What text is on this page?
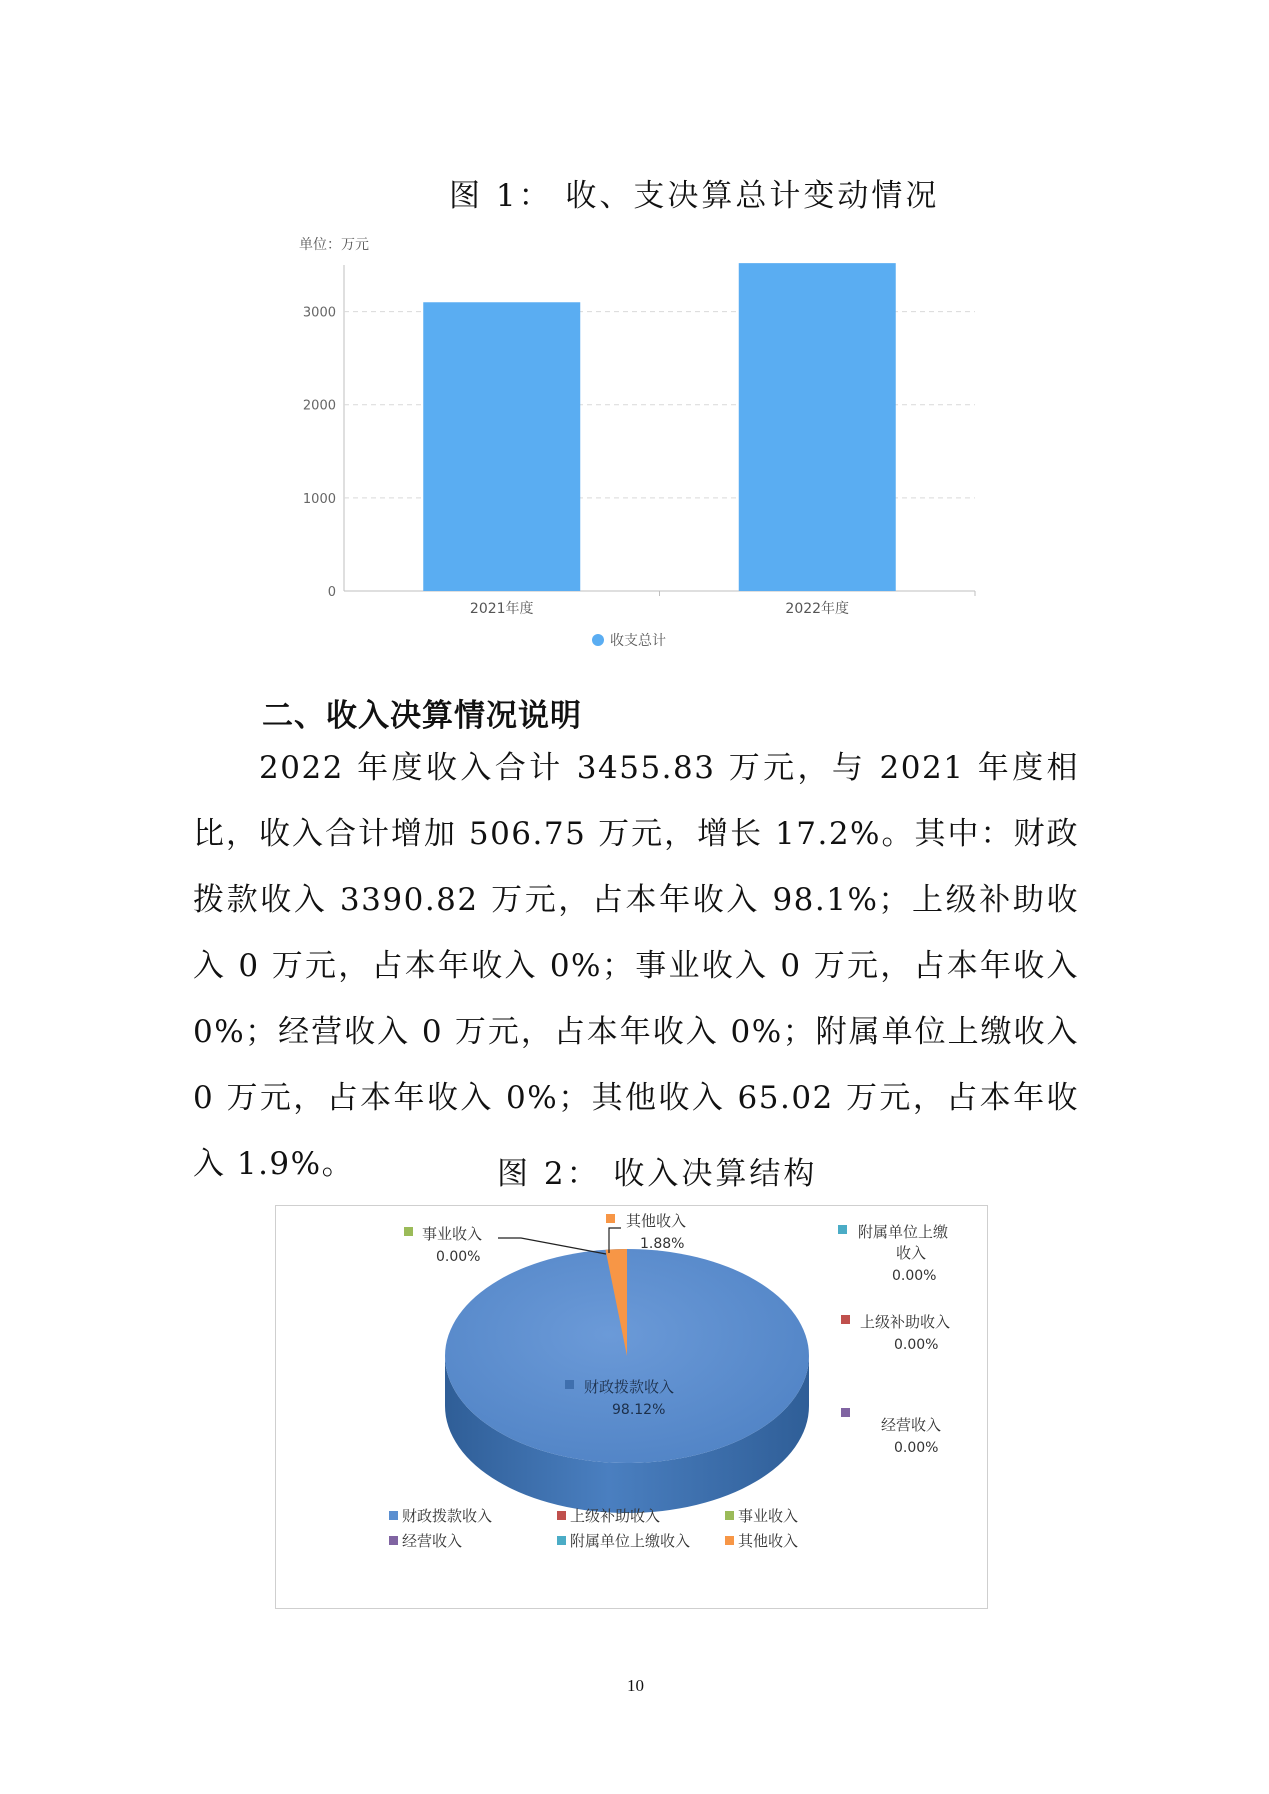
图 1： 收、支决算总计变动情况
单位：万元
0
1000
2000
3000
2021年度	2022年度
收支总计
二、收入决算情况说明
2022 年度收入合计 3455.83 万元，与 2021 年度相比，收入合计增加 506.75 万元，增长 17.2%。其中：财政拨款收入 3390.82 万元，占本年收入 98.1%；上级补助收入 0 万元，占本年收入 0%；事业收入 0 万元，占本年收入 0%；经营收入 0 万元，占本年收入 0%；附属单位上缴收入 0 万元，占本年收入 0%；其他收入 65.02 万元，占本年收入 1.9%。	图 2： 收入决算结构
事业收入
0.00%
其他收入
1.88%
附属单位上缴
收入
0.00%
上级补助收入
0.00%
经营收入
0.00%
财政拨款收入
98.12%
财政拨款收入	上级补助收入	事业收入
经营收入	附属单位上缴收入	其他收入
10
